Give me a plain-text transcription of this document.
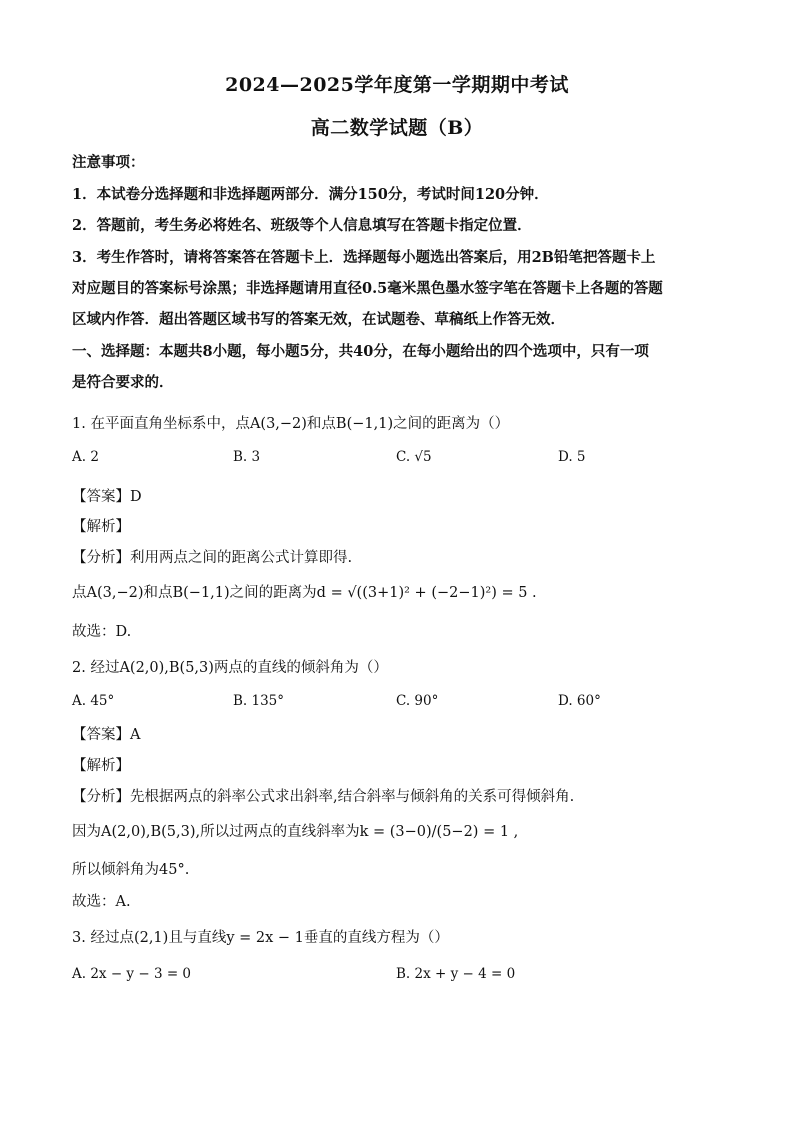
2024—2025学年度第一学期期中考试
高二数学试题（B）
注意事项：
1．本试卷分选择题和非选择题两部分．满分150分，考试时间120分钟．
2．答题前，考生务必将姓名、班级等个人信息填写在答题卡指定位置．
3．考生作答时，请将答案答在答题卡上．选择题每小题选出答案后，用2B铅笔把答题卡上
对应题目的答案标号涂黑；非选择题请用直径0.5毫米黑色墨水签字笔在答题卡上各题的答题
区域内作答．超出答题区域书写的答案无效，在试题卷、草稿纸上作答无效．
一、选择题：本题共8小题，每小题5分，共40分，在每小题给出的四个选项中，只有一项
是符合要求的．
1. 在平面直角坐标系中，点A(3,−2)和点B(−1,1)之间的距离为（）
A. 2	B. 3	C. √5	D. 5
【答案】D
【解析】
【分析】利用两点之间的距离公式计算即得.
点A(3,−2)和点B(−1,1)之间的距离为d = √((3+1)² + (−2−1)²) = 5 .
故选：D.
2. 经过A(2,0),B(5,3)两点的直线的倾斜角为（）
A. 45°	B. 135°	C. 90°	D. 60°
【答案】A
【解析】
【分析】先根据两点的斜率公式求出斜率,结合斜率与倾斜角的关系可得倾斜角.
因为A(2,0),B(5,3),所以过两点的直线斜率为k = (3−0)/(5−2) = 1 ,
所以倾斜角为45°.
故选：A.
3. 经过点(2,1)且与直线y = 2x − 1垂直的直线方程为（）
A. 2x − y − 3 = 0	B. 2x + y − 4 = 0
